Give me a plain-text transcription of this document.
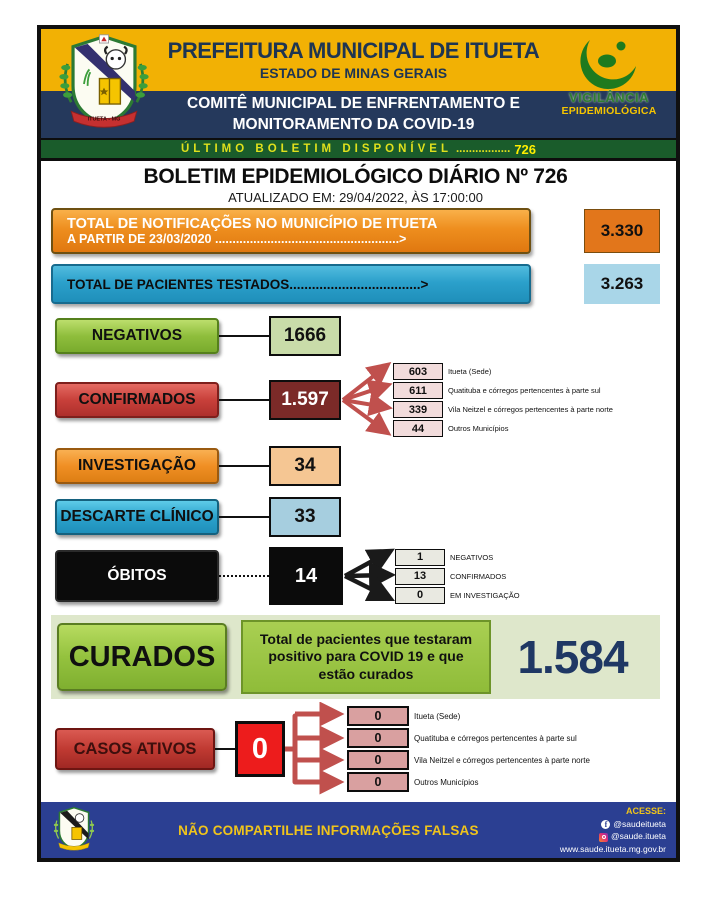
ITUETA - MG
VIGILÂNCIA
EPIDEMIOLÓGICA
PREFEITURA MUNICIPAL DE ITUETA
ESTADO DE MINAS GERAIS
COMITÊ MUNICIPAL DE ENFRENTAMENTO E
MONITORAMENTO DA COVID-19
ÚLTIMO BOLETIM DISPONÍVEL ................. 726
BOLETIM EPIDEMIOLÓGICO DIÁRIO Nº 726
ATUALIZADO EM: 29/04/2022, ÀS 17:00:00
TOTAL DE NOTIFICAÇÕES NO MUNICÍPIO DE ITUETA
A PARTIR DE 23/03/2020 .....................................................>	3.330
TOTAL DE PACIENTES TESTADOS...................................>	3.263
NEGATIVOS	1666
CONFIRMADOS	1.597
603	Itueta (Sede)
611	Quatituba e córregos pertencentes à parte sul
339	Vila Neitzel e córregos pertencentes à parte norte
44	Outros Municípios
INVESTIGAÇÃO	34
DESCARTE CLÍNICO	33
ÓBITOS	14
1	NEGATIVOS
13	CONFIRMADOS
0	EM INVESTIGAÇÃO
CURADOS
Total de pacientes que testaram positivo para COVID 19 e que estão curados	1.584
CASOS ATIVOS	0
0	Itueta (Sede)
0	Quatituba e córregos pertencentes à parte sul
0	Vila Neitzel e córregos pertencentes à parte norte
0	Outros Municípios
NÃO COMPARTILHE INFORMAÇÕES FALSAS
ACESSE:
f @saudeitueta
@saude.itueta
www.saude.itueta.mg.gov.br
